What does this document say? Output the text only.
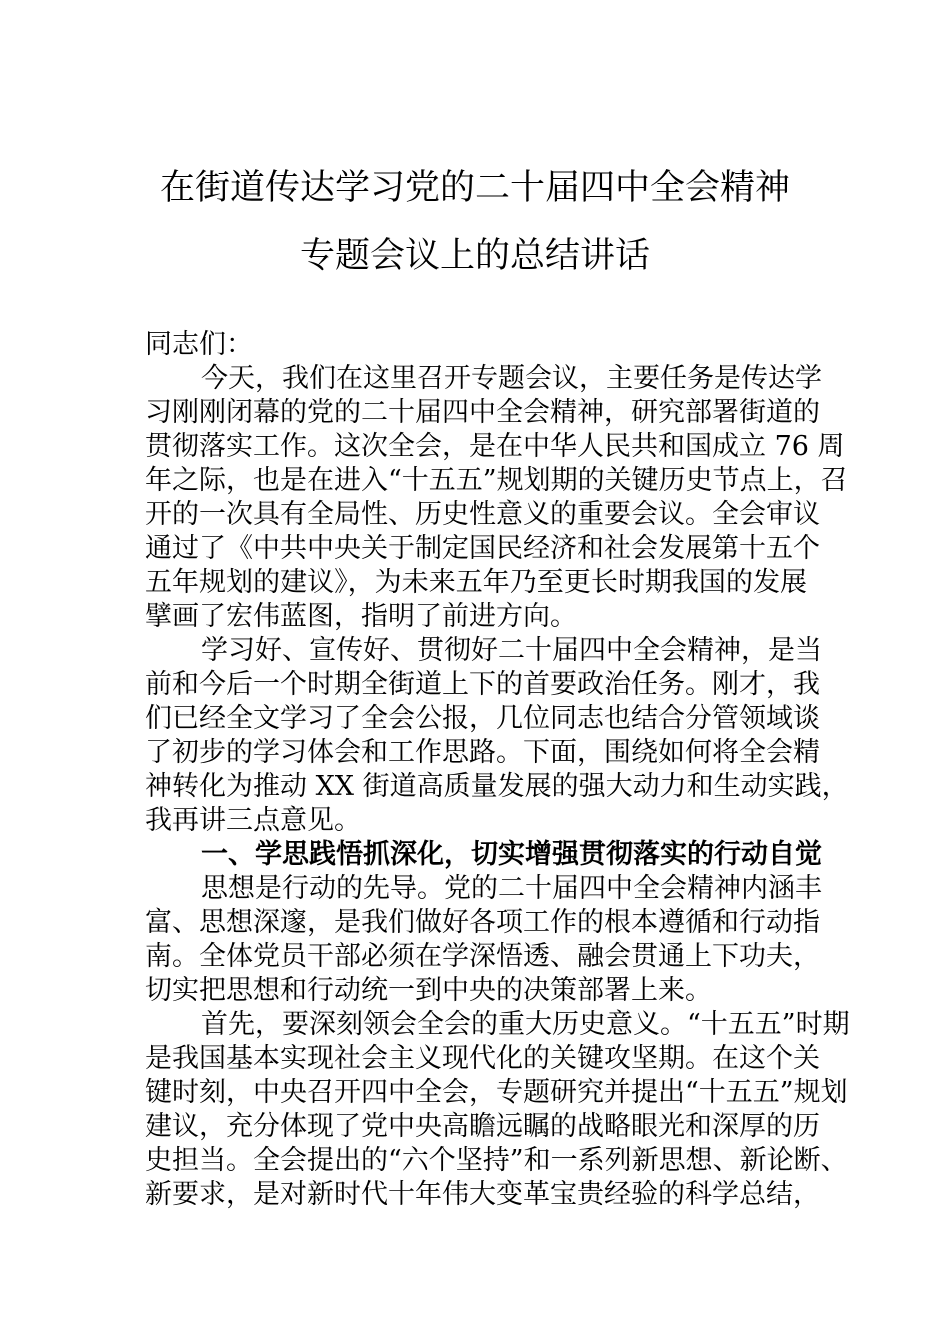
在街道传达学习党的二十届四中全会精神
专题会议上的总结讲话
同志们：
今天，我们在这里召开专题会议，主要任务是传达学
习刚刚闭幕的党的二十届四中全会精神，研究部署街道的
贯彻落实工作。这次全会，是在中华人民共和国成立 76 周
年之际，也是在进入“十五五”规划期的关键历史节点上，召
开的一次具有全局性、历史性意义的重要会议。全会审议
通过了《中共中央关于制定国民经济和社会发展第十五个
五年规划的建议》，为未来五年乃至更长时期我国的发展
擘画了宏伟蓝图，指明了前进方向。
学习好、宣传好、贯彻好二十届四中全会精神，是当
前和今后一个时期全街道上下的首要政治任务。刚才，我
们已经全文学习了全会公报，几位同志也结合分管领域谈
了初步的学习体会和工作思路。下面，围绕如何将全会精
神转化为推动 XX 街道高质量发展的强大动力和生动实践，
我再讲三点意见。
一、学思践悟抓深化，切实增强贯彻落实的行动自觉
思想是行动的先导。党的二十届四中全会精神内涵丰
富、思想深邃，是我们做好各项工作的根本遵循和行动指
南。全体党员干部必须在学深悟透、融会贯通上下功夫，
切实把思想和行动统一到中央的决策部署上来。
首先，要深刻领会全会的重大历史意义。“十五五”时期
是我国基本实现社会主义现代化的关键攻坚期。在这个关
键时刻，中央召开四中全会，专题研究并提出“十五五”规划
建议，充分体现了党中央高瞻远瞩的战略眼光和深厚的历
史担当。全会提出的“六个坚持”和一系列新思想、新论断、
新要求，是对新时代十年伟大变革宝贵经验的科学总结，
